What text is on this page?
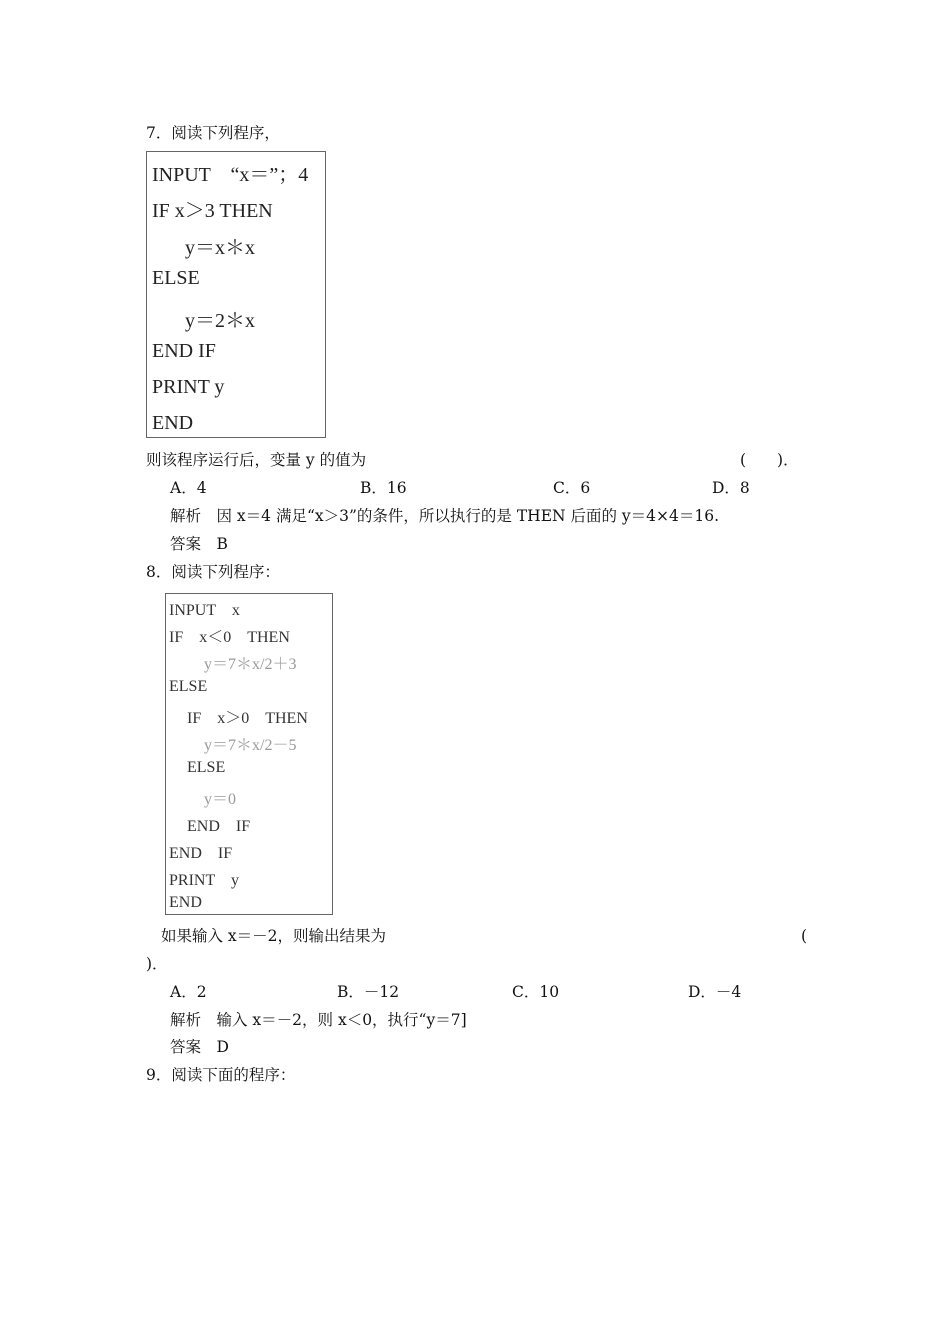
7．阅读下列程序，
INPUT　“x＝”；4
IF x＞3 THEN
y＝x＊x
ELSE
y＝2＊x
END IF
PRINT y
END
则该程序运行后，变量 y 的值为	(　　)．
A．4	B．16	C．6	D．8
解析　因 x＝4 满足“x＞3”的条件，所以执行的是 THEN 后面的 y＝4×4＝16.
答案　B
8．阅读下列程序：
INPUT　x
IF　x＜0　THEN
y＝7＊x/2＋3
ELSE
IF　x＞0　THEN
y＝7＊x/2－5
ELSE
y＝0
END　IF
END　IF
PRINT　y
END
如果输入 x＝－2，则输出结果为	(
)．
A．2	B．－12	C．10	D．－4
解析　输入 x＝－2，则 x＜0，执行“y＝7]
答案　D
9．阅读下面的程序：
